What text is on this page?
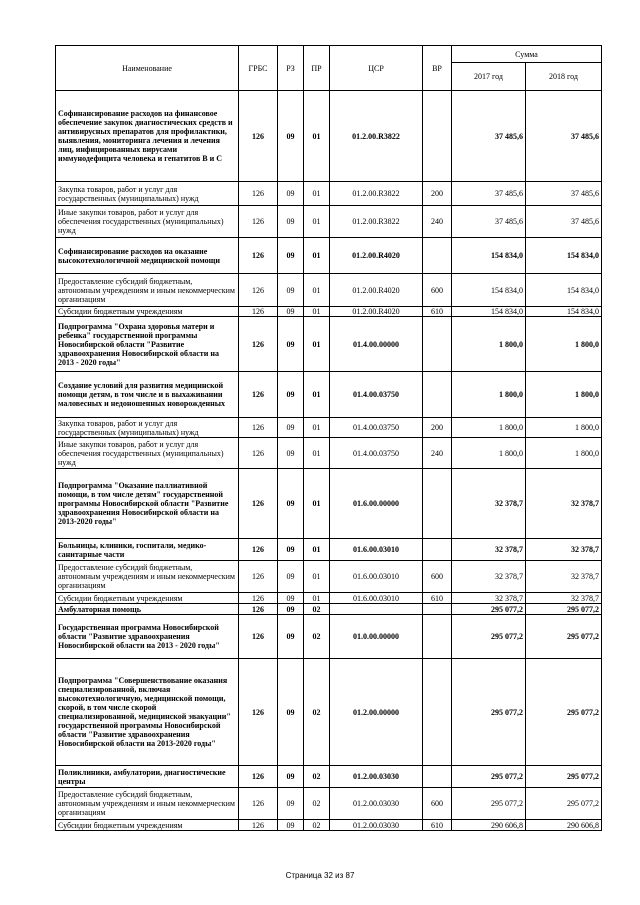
Наименование	ГРБС	РЗ	ПР	ЦСР	ВР	Сумма	
						2017 год	2018 год
Софинансирование расходов на финансовое обеспечение закупок диагностических средств и антивирусных препаратов для профилактики, выявления, мониторинга лечения и лечения лиц, инфицированных вирусами иммунодефицита человека и гепатитов В и С	126	09	01	01.2.00.R3822		37 485,6	37 485,6
Закупка товаров, работ и услуг для государственных (муниципальных) нужд	126	09	01	01.2.00.R3822	200	37 485,6	37 485,6
Иные закупки товаров, работ и услуг для обеспечения государственных (муниципальных) нужд	126	09	01	01.2.00.R3822	240	37 485,6	37 485,6
Софинансирование расходов на оказание высокотехнологичной медицинской помощи	126	09	01	01.2.00.R4020		154 834,0	154 834,0
Предоставление субсидий бюджетным, автономным учреждениям и иным некоммерческим организациям	126	09	01	01.2.00.R4020	600	154 834,0	154 834,0
Субсидии бюджетным учреждениям	126	09	01	01.2.00.R4020	610	154 834,0	154 834,0
Подпрограмма "Охрана здоровья матери и ребенка" государственной программы Новосибирской области "Развитие здравоохранения Новосибирской области на 2013 - 2020 годы"	126	09	01	01.4.00.00000		1 800,0	1 800,0
Создание условий для развития медицинской помощи детям, в том числе и в выхаживании маловесных и недоношенных новорожденных	126	09	01	01.4.00.03750		1 800,0	1 800,0
Закупка товаров, работ и услуг для государственных (муниципальных) нужд	126	09	01	01.4.00.03750	200	1 800,0	1 800,0
Иные закупки товаров, работ и услуг для обеспечения государственных (муниципальных) нужд	126	09	01	01.4.00.03750	240	1 800,0	1 800,0
Подпрограмма "Оказание паллиативной помощи, в том числе детям" государственной программы Новосибирской области "Развитие здравоохранения Новосибирской области на 2013-2020 годы"	126	09	01	01.6.00.00000		32 378,7	32 378,7
Больницы, клиники, госпитали, медико-санитарные части	126	09	01	01.6.00.03010		32 378,7	32 378,7
Предоставление субсидий бюджетным, автономным учреждениям и иным некоммерческим организациям	126	09	01	01.6.00.03010	600	32 378,7	32 378,7
Субсидии бюджетным учреждениям	126	09	01	01.6.00.03010	610	32 378,7	32 378,7
Амбулаторная помощь	126	09	02			295 077,2	295 077,2
Государственная программа Новосибирской области "Развитие здравоохранения Новосибирской области на 2013 - 2020 годы"	126	09	02	01.0.00.00000		295 077,2	295 077,2
Подпрограмма "Совершенствование оказания специализированной, включая высокотехнологичную, медицинской помощи, скорой, в том числе скорой специализированной, медицинской эвакуации" государственной программы Новосибирской области "Развитие здравоохранения Новосибирской области на 2013-2020 годы"	126	09	02	01.2.00.00000		295 077,2	295 077,2
Поликлиники, амбулатории, диагностические центры	126	09	02	01.2.00.03030		295 077,2	295 077,2
Предоставление субсидий бюджетным, автономным учреждениям и иным некоммерческим организациям	126	09	02	01.2.00.03030	600	295 077,2	295 077,2
Субсидии бюджетным учреждениям	126	09	02	01.2.00.03030	610	290 606,8	290 606,8
Страница 32 из 87
